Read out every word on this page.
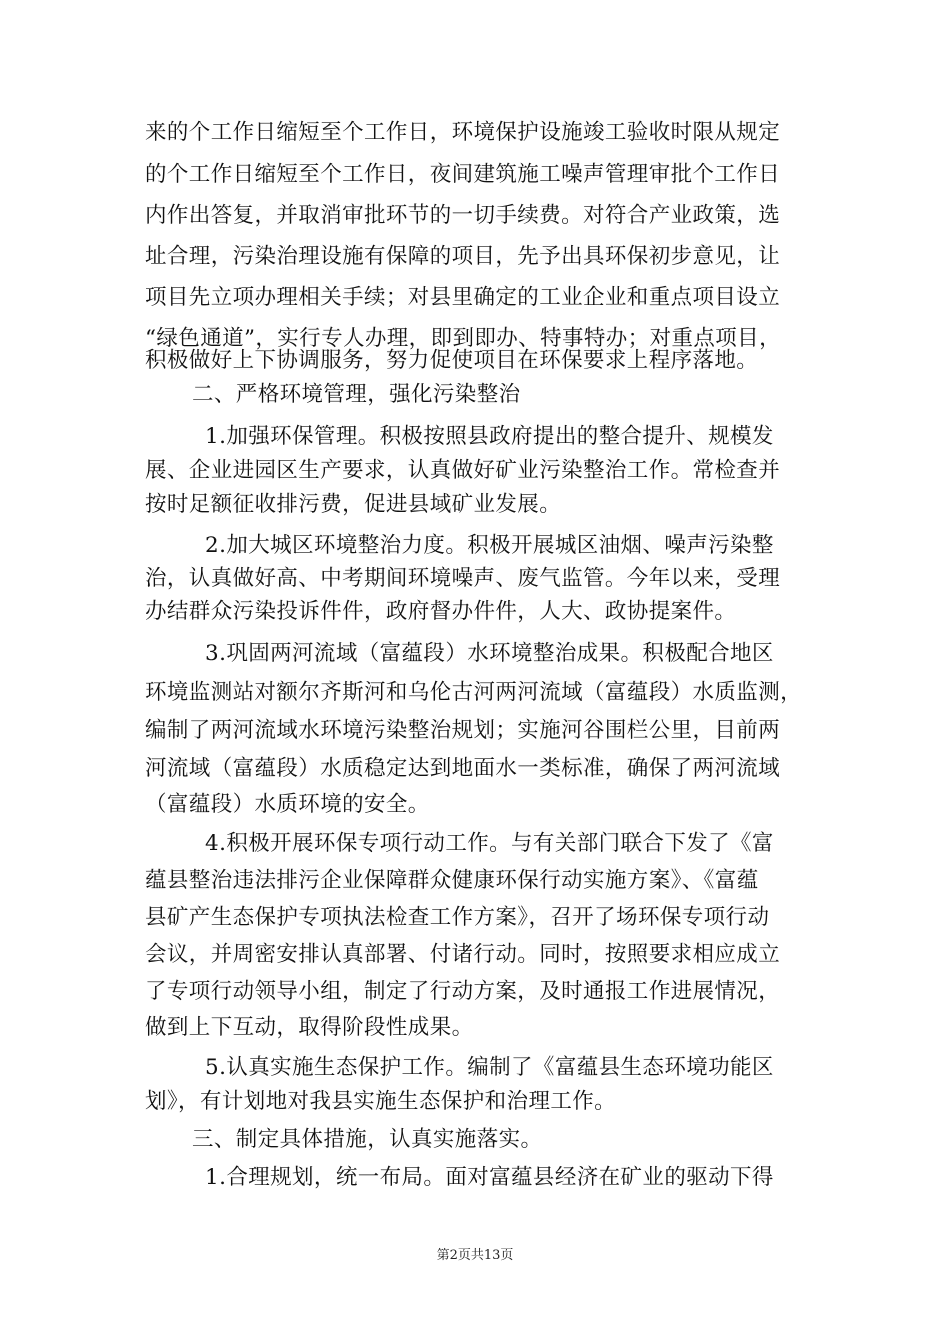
来的个工作日缩短至个工作日，环境保护设施竣工验收时限从规定
的个工作日缩短至个工作日，夜间建筑施工噪声管理审批个工作日
内作出答复，并取消审批环节的一切手续费。对符合产业政策，选
址合理，污染治理设施有保障的项目，先予出具环保初步意见，让
项目先立项办理相关手续；对县里确定的工业企业和重点项目设立
“绿色通道”，实行专人办理，即到即办、特事特办；对重点项目，
积极做好上下协调服务，努力促使项目在环保要求上程序落地。
二、严格环境管理，强化污染整治
1.加强环保管理。积极按照县政府提出的整合提升、规模发
展、企业进园区生产要求，认真做好矿业污染整治工作。常检查并
按时足额征收排污费，促进县域矿业发展。
2.加大城区环境整治力度。积极开展城区油烟、噪声污染整
治，认真做好高、中考期间环境噪声、废气监管。今年以来，受理
办结群众污染投诉件件，政府督办件件，人大、政协提案件。
3.巩固两河流域（富蕴段）水环境整治成果。积极配合地区
环境监测站对额尔齐斯河和乌伦古河两河流域（富蕴段）水质监测，
编制了两河流域水环境污染整治规划；实施河谷围栏公里，目前两
河流域（富蕴段）水质稳定达到地面水一类标准，确保了两河流域
（富蕴段）水质环境的安全。
4.积极开展环保专项行动工作。与有关部门联合下发了《富
蕴县整治违法排污企业保障群众健康环保行动实施方案》、《富蕴
县矿产生态保护专项执法检查工作方案》，召开了场环保专项行动
会议，并周密安排认真部署、付诸行动。同时，按照要求相应成立
了专项行动领导小组，制定了行动方案，及时通报工作进展情况，
做到上下互动，取得阶段性成果。
5.认真实施生态保护工作。编制了《富蕴县生态环境功能区
划》，有计划地对我县实施生态保护和治理工作。
三、制定具体措施，认真实施落实。
1.合理规划，统一布局。面对富蕴县经济在矿业的驱动下得
第2页共13页
